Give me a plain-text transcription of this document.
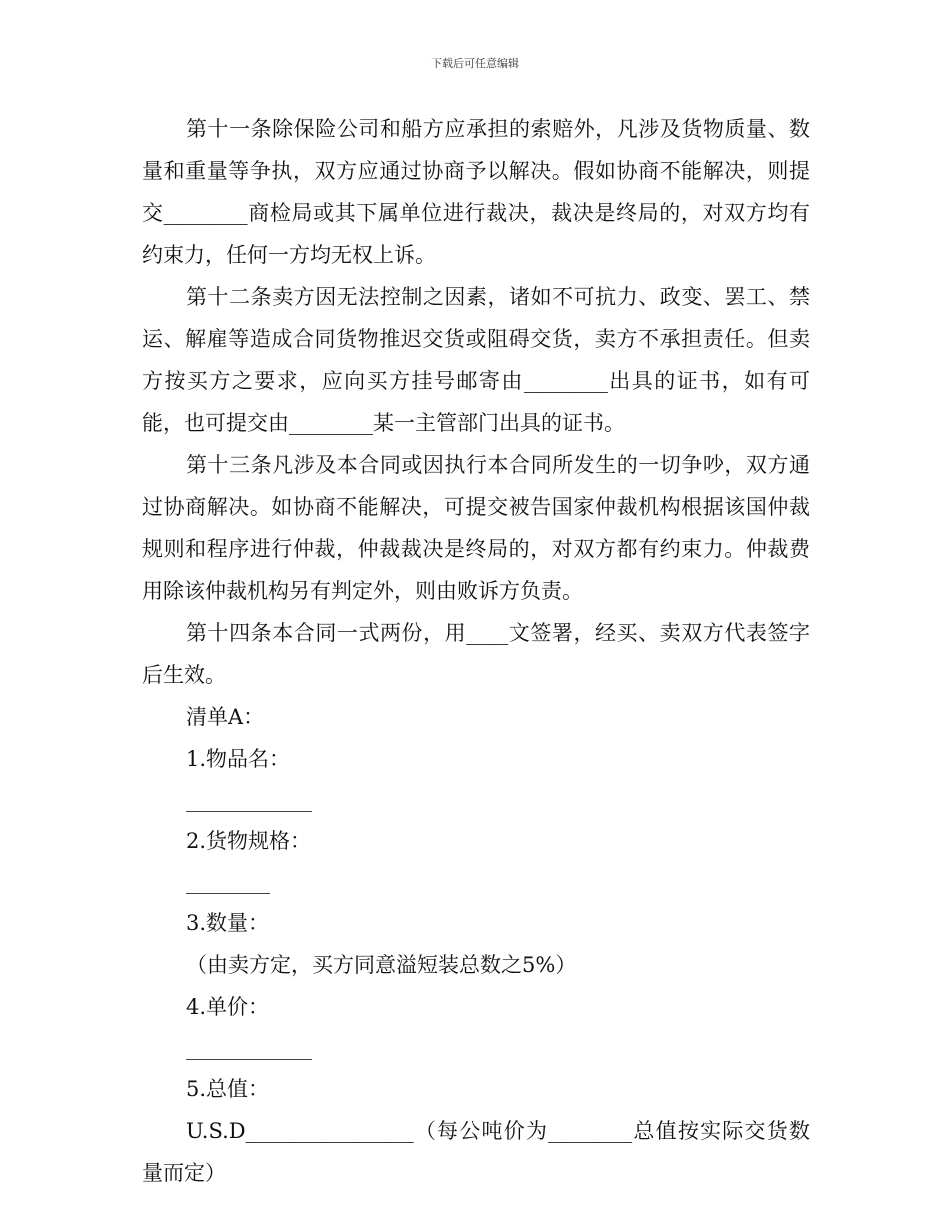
下载后可任意编辑

第十一条除保险公司和船方应承担的索赔外，凡涉及货物质量、数量和重量等争执，双方应通过协商予以解决。假如协商不能解决，则提交________商检局或其下属单位进行裁决，裁决是终局的，对双方均有约束力，任何一方均无权上诉。

第十二条卖方因无法控制之因素，诸如不可抗力、政变、罢工、禁运、解雇等造成合同货物推迟交货或阻碍交货，卖方不承担责任。但卖方按买方之要求，应向买方挂号邮寄由________出具的证书，如有可能，也可提交由________某一主管部门出具的证书。

第十三条凡涉及本合同或因执行本合同所发生的一切争吵，双方通过协商解决。如协商不能解决，可提交被告国家仲裁机构根据该国仲裁规则和程序进行仲裁，仲裁裁决是终局的，对双方都有约束力。仲裁费用除该仲裁机构另有判定外，则由败诉方负责。

第十四条本合同一式两份，用____文签署，经买、卖双方代表签字后生效。

清单A：

1.物品名：

____________

2.货物规格：

________

3.数量：

（由卖方定，买方同意溢短装总数之5%）

4.单价：

____________

5.总值：

U.S.D________________（每公吨价为________总值按实际交货数量而定）
